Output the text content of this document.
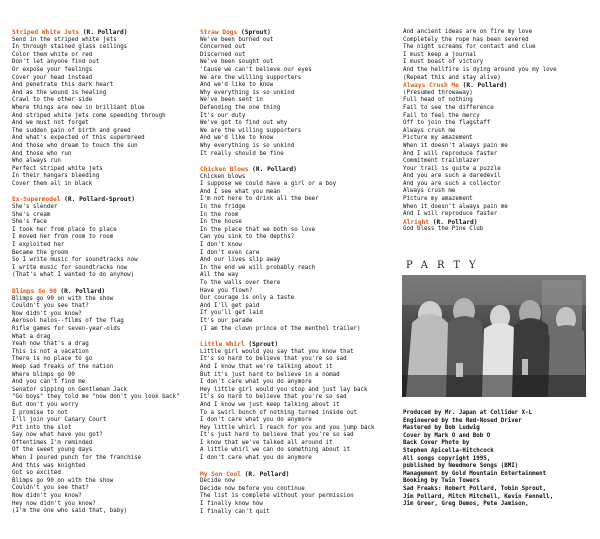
Striped White Jets (R. Pollard)
Send in the striped white jets
In through stained glass ceilings
Color them white or red
Don't let anyone find out
Or expose your feelings
Cover your head instead
And penetrate this dark heart
And as the wound is healing
Crawl to the other side
Where things are new in brilliant blue
And striped white jets come speeding through
And we must not forget
The sudden pain of birth and greed
And what's expected of this superbreed
And those who dream to touch the sun
And those who run
Who always run
Perfect striped white jets
In their hangars bleeding
Cover them all in black
Ex-Supermodel (R. Pollard-Sprout)
She's slender
She's cream
She's face
I took her from place to place
I moved her from room to room
I exploited her
Became the groom
So I write music for soundtracks now
I write music for soundtracks now
(That's what I wanted to do anyhow)
Blimps Go 90 (R. Pollard)
Blimps go 90 on with the show
Couldn't you see that?
Now didn't you know?
Aerosol halos--films of the flag
Rifle games for seven-year-olds
What a drag
Yeah now that's a drag
This is not a vacation
There is no place to go
Weep sad freaks of the nation
Where blimps go 90
And you can't find me
Senator sipping on Gentleman Jack
"Go boys" they told me "now don't you look back"
But don't you worry
I promise to not
I'll join your Canary Court
Pit into the slot
Say now what have you got?
Oftentimes I'm reminded
Of the sweet young days
When I poured punch for the franchise
And this was knighted
Got so excited
Blimps go 90 on with the show
Couldn't you see that?
Now didn't you know?
Hey now didn't you know?
(I'm the one who said that, baby)
Straw Dogs (Sprout)
We've been burned out
Concerned out
Discerned out
We've been sought out
'Cause we can't believe our eyes
We are the willing supporters
And we'd like to know
Why everything is so unkind
We've been sent in
Defending the one thing
It's our duty
We've got to find out why
We are the willing supporters
And we'd like to know
Why everything is so unkind
It really should be fine
Chicken Blows (R. Pollard)
Chicken blows
I suppose we could have a girl or a boy
And I see what you mean
I'm not here to drink all the beer
In the fridge
In the room
In the house
In the place that we both so love
Can you sink to the depths?
I don't know
I don't even care
And our lives slip away
In the end we will probably reach
All the way
To the walls over there
Have you flown?
Our courage is only a taste
And I'll get paid
If you'll get laid
It's our parade
(I am the clown prince of the menthol trailer)
Little Whirl (Sprout)
Little girl would you say that you know that
It's so hard to believe that you're so sad
And I know that we're talking about it
But it's just hard to believe in a nomad
I don't care what you do anymore
Hey little girl would you stop and just lay back
It's so hard to believe that you're so sad
And I know we just keep talking about it
To a swirl bunch of nothing turned inside out
I don't care what you do anymore
Hey little whirl I reach for you and you jump back
It's just hard to believe that you're so sad
I know that we've talked all around it
A little whirl we can do something about it
I don't care what you do anymore
My Son Cool (R. Pollard)
Decide now
Decide now before you continue
The list is complete without your permission
I finally know how
I finally can't quit
And ancient ideas are on fire my love
Completely the rope has been severed
The night screams for contact and clue
I must keep a journal
I must boast of victory
And the hellfire is dying around you my love
(Repeat this and stay alive)
Always Crush Me (R. Pollard)
(Presumed throwaway)
Full head of nothing
Fail to see the difference
Fail to feel the mercy
Off to join the flagstaff
Always crush me
Picture my amazement
When it doesn't always pain me
And I will reproduce faster
Commitment trailblazer
Your trail is quite a puzzle
And you are such a daredevil
And you are such a collector
Always crush me
Picture my amazement
When it doesn't always pain me
And I will reproduce faster
Alright (R. Pollard)
God bless the Pine Club
PARTY
Produced by Mr. Japan at Collider X-L
Engineered by the Red-Nosed Driver
Mastered by Bob Ludwig
Cover by Mark O and Bob O
Back Cover Photo by
Stephen Apicella-Hitchcock
All songs copyright 1995,
published by Needmore Songs (BMI)
Management by Gold Mountain Entertainment
Booking by Twin Towers
Sad Freaks: Robert Pollard, Tobin Sprout,
Jim Pollard, Mitch Mitchell, Kevin Fennell,
Jim Greer, Greg Demos, Pete Jamison,
